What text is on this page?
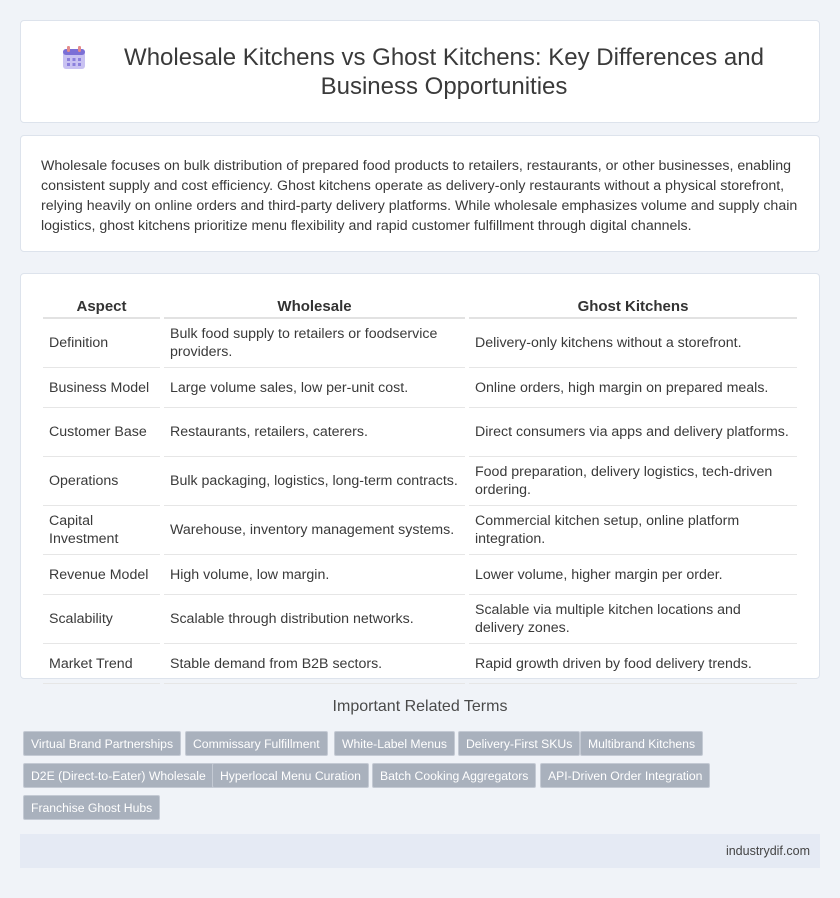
Wholesale Kitchens vs Ghost Kitchens: Key Differences and Business Opportunities

Wholesale focuses on bulk distribution of prepared food products to retailers, restaurants, or other businesses, enabling consistent supply and cost efficiency. Ghost kitchens operate as delivery-only restaurants without a physical storefront, relying heavily on online orders and third-party delivery platforms. While wholesale emphasizes volume and supply chain logistics, ghost kitchens prioritize menu flexibility and rapid customer fulfillment through digital channels.

Aspect	Wholesale	Ghost Kitchens
Definition	Bulk food supply to retailers or foodservice providers.	Delivery-only kitchens without a storefront.
Business Model	Large volume sales, low per-unit cost.	Online orders, high margin on prepared meals.
Customer Base	Restaurants, retailers, caterers.	Direct consumers via apps and delivery platforms.
Operations	Bulk packaging, logistics, long-term contracts.	Food preparation, delivery logistics, tech-driven ordering.
Capital Investment	Warehouse, inventory management systems.	Commercial kitchen setup, online platform integration.
Revenue Model	High volume, low margin.	Lower volume, higher margin per order.
Scalability	Scalable through distribution networks.	Scalable via multiple kitchen locations and delivery zones.
Market Trend	Stable demand from B2B sectors.	Rapid growth driven by food delivery trends.
Important Related Terms
Virtual Brand Partnerships	Commissary Fulfillment	White-Label Menus	Delivery-First SKUs	Multibrand Kitchens
D2E (Direct-to-Eater) Wholesale	Hyperlocal Menu Curation	Batch Cooking Aggregators	API-Driven Order Integration
Franchise Ghost Hubs
industrydif.com
